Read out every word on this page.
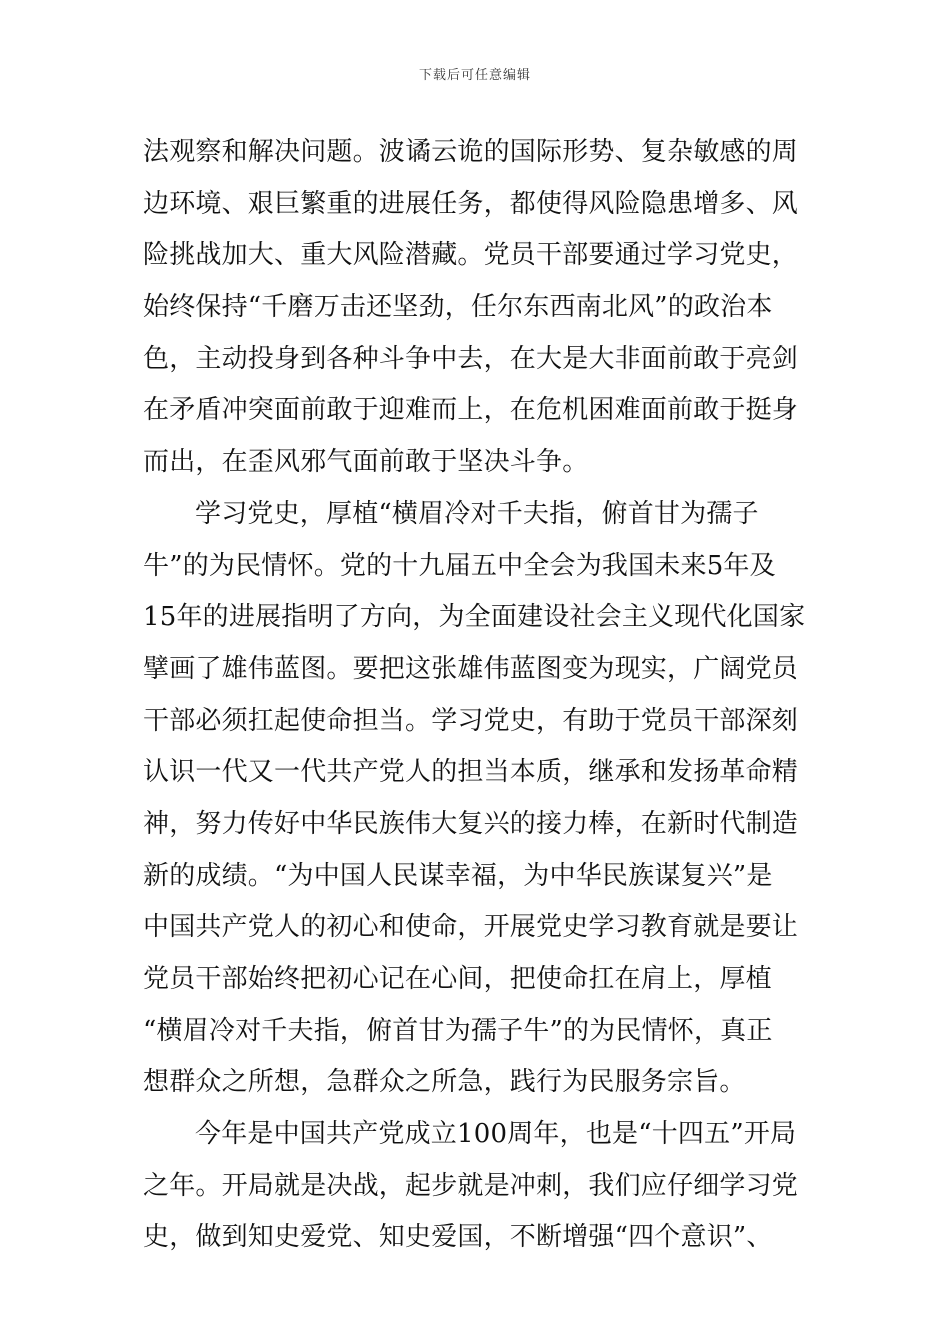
下载后可任意编辑
法观察和解决问题。波谲云诡的国际形势、复杂敏感的周
边环境、艰巨繁重的进展任务，都使得风险隐患增多、风
险挑战加大、重大风险潜藏。党员干部要通过学习党史，
始终保持“千磨万击还坚劲，任尔东西南北风”的政治本
色，主动投身到各种斗争中去，在大是大非面前敢于亮剑
在矛盾冲突面前敢于迎难而上，在危机困难面前敢于挺身
而出，在歪风邪气面前敢于坚决斗争。
学习党史，厚植“横眉冷对千夫指，俯首甘为孺子
牛”的为民情怀。党的十九届五中全会为我国未来5年及
15年的进展指明了方向，为全面建设社会主义现代化国家
擘画了雄伟蓝图。要把这张雄伟蓝图变为现实，广阔党员
干部必须扛起使命担当。学习党史，有助于党员干部深刻
认识一代又一代共产党人的担当本质，继承和发扬革命精
神，努力传好中华民族伟大复兴的接力棒，在新时代制造
新的成绩。“为中国人民谋幸福，为中华民族谋复兴”是
中国共产党人的初心和使命，开展党史学习教育就是要让
党员干部始终把初心记在心间，把使命扛在肩上，厚植
“横眉冷对千夫指，俯首甘为孺子牛”的为民情怀，真正
想群众之所想，急群众之所急，践行为民服务宗旨。
今年是中国共产党成立100周年，也是“十四五”开局
之年。开局就是决战，起步就是冲刺，我们应仔细学习党
史，做到知史爱党、知史爱国，不断增强“四个意识”、
